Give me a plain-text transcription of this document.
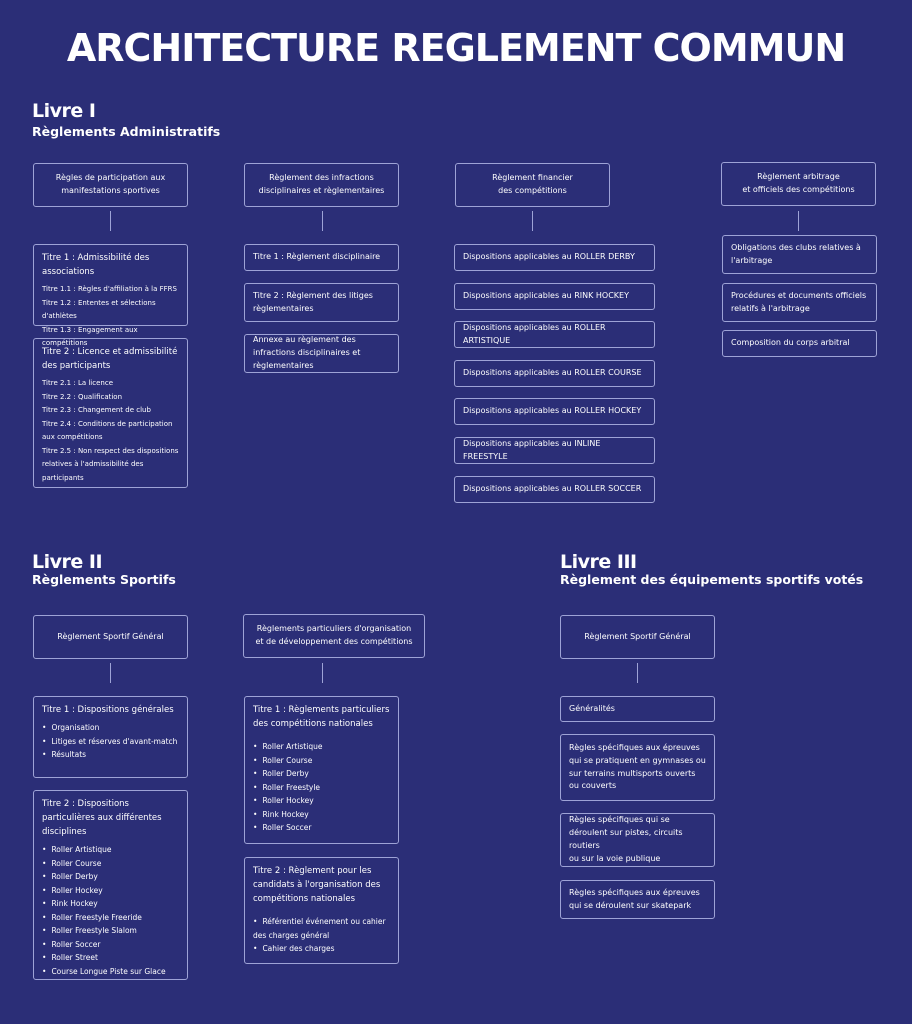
ARCHITECTURE REGLEMENT COMMUN
Livre I
Règlements Administratifs
Règles de participation aux
manifestations sportives
Titre 1 : Admissibilité des associations
Titre 1.1 : Règles d'affiliation à la FFRS
Titre 1.2 : Ententes et sélections d'athlètes
Titre 1.3 : Engagement aux compétitions
Titre 2 : Licence et admissibilité des participants
Titre 2.1 : La licence
Titre 2.2 : Qualification
Titre 2.3 : Changement de club
Titre 2.4 : Conditions de participation aux compétitions
Titre 2.5 : Non respect des dispositions relatives à l'admissibilité des participants
Règlement des infractions
disciplinaires et règlementaires
Titre 1 : Règlement disciplinaire
Titre 2 : Règlement des litiges règlementaires
Annexe au règlement des infractions disciplinaires et règlementaires
Règlement financier
des compétitions
Dispositions applicables au ROLLER DERBY
Dispositions applicables au RINK HOCKEY
Dispositions applicables au ROLLER ARTISTIQUE
Dispositions applicables au ROLLER COURSE
Dispositions applicables au ROLLER HOCKEY
Dispositions applicables au INLINE FREESTYLE
Dispositions applicables au ROLLER SOCCER
Règlement arbitrage
et officiels des compétitions
Obligations des clubs relatives à l'arbitrage
Procédures et documents officiels relatifs à l'arbitrage
Composition du corps arbitral
Livre II
Règlements Sportifs
Règlement Sportif Général
Titre 1 : Dispositions générales
• Organisation
• Litiges et réserves d'avant-match
• Résultats
Titre 2 : Dispositions particulières aux différentes disciplines
• Roller Artistique
• Roller Course
• Roller Derby
• Roller Hockey
• Rink Hockey
• Roller Freestyle Freeride
• Roller Freestyle Slalom
• Roller Soccer
• Roller Street
• Course Longue Piste sur Glace
Règlements particuliers d'organisation
et de développement des compétitions
Titre 1 : Règlements particuliers des compétitions nationales
• Roller Artistique
• Roller Course
• Roller Derby
• Roller Freestyle
• Roller Hockey
• Rink Hockey
• Roller Soccer
Titre 2 : Règlement pour les candidats à l'organisation des compétitions nationales
• Référentiel événement ou cahier des charges général
• Cahier des charges
Livre III
Règlement des équipements sportifs votés
Règlement Sportif Général
Généralités
Règles spécifiques aux épreuves qui se pratiquent en gymnases ou sur terrains multisports ouverts ou couverts
Règles spécifiques qui se déroulent sur pistes, circuits routiers
ou sur la voie publique
Règles spécifiques aux épreuves qui se déroulent sur skatepark
